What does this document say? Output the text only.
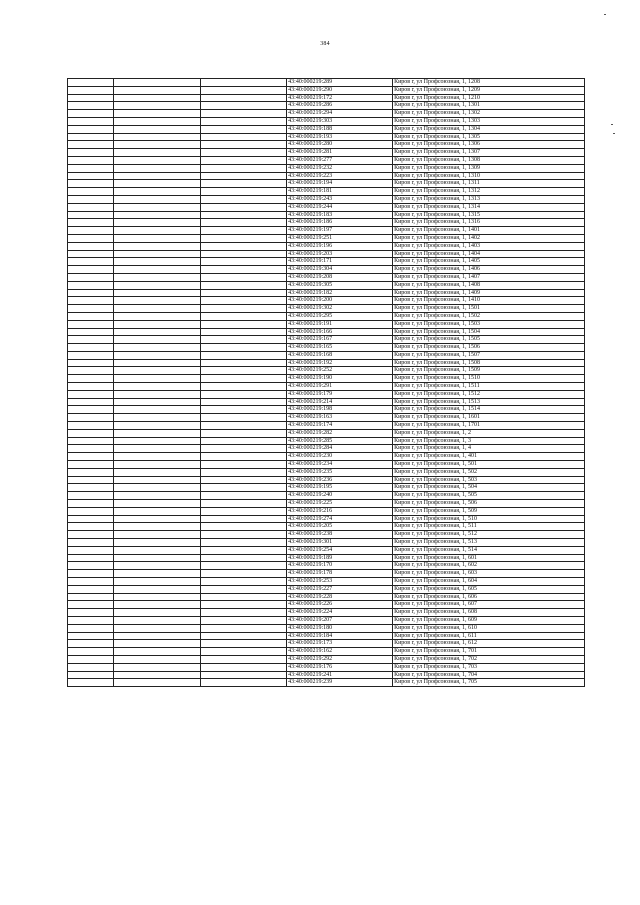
384
			43:40:000219:289	Киров г, ул Профсоюзная, 1, 1208
			43:40:000219:290	Киров г, ул Профсоюзная, 1, 1209
			43:40:000219:172	Киров г, ул Профсоюзная, 1, 1210
			43:40:000219:286	Киров г, ул Профсоюзная, 1, 1301
			43:40:000219:294	Киров г, ул Профсоюзная, 1, 1302
			43:40:000219:303	Киров г, ул Профсоюзная, 1, 1303
			43:40:000219:188	Киров г, ул Профсоюзная, 1, 1304
			43:40:000219:193	Киров г, ул Профсоюзная, 1, 1305
			43:40:000219:280	Киров г, ул Профсоюзная, 1, 1306
			43:40:000219:281	Киров г, ул Профсоюзная, 1, 1307
			43:40:000219:277	Киров г, ул Профсоюзная, 1, 1308
			43:40:000219:232	Киров г, ул Профсоюзная, 1, 1309
			43:40:000219:223	Киров г, ул Профсоюзная, 1, 1310
			43:40:000219:194	Киров г, ул Профсоюзная, 1, 1311
			43:40:000219:181	Киров г, ул Профсоюзная, 1, 1312
			43:40:000219:243	Киров г, ул Профсоюзная, 1, 1313
			43:40:000219:244	Киров г, ул Профсоюзная, 1, 1314
			43:40:000219:183	Киров г, ул Профсоюзная, 1, 1315
			43:40:000219:186	Киров г, ул Профсоюзная, 1, 1316
			43:40:000219:197	Киров г, ул Профсоюзная, 1, 1401
			43:40:000219:251	Киров г, ул Профсоюзная, 1, 1402
			43:40:000219:196	Киров г, ул Профсоюзная, 1, 1403
			43:40:000219:203	Киров г, ул Профсоюзная, 1, 1404
			43:40:000219:171	Киров г, ул Профсоюзная, 1, 1405
			43:40:000219:304	Киров г, ул Профсоюзная, 1, 1406
			43:40:000219:208	Киров г, ул Профсоюзная, 1, 1407
			43:40:000219:305	Киров г, ул Профсоюзная, 1, 1408
			43:40:000219:182	Киров г, ул Профсоюзная, 1, 1409
			43:40:000219:200	Киров г, ул Профсоюзная, 1, 1410
			43:40:000219:302	Киров г, ул Профсоюзная, 1, 1501
			43:40:000219:295	Киров г, ул Профсоюзная, 1, 1502
			43:40:000219:191	Киров г, ул Профсоюзная, 1, 1503
			43:40:000219:166	Киров г, ул Профсоюзная, 1, 1504
			43:40:000219:167	Киров г, ул Профсоюзная, 1, 1505
			43:40:000219:165	Киров г, ул Профсоюзная, 1, 1506
			43:40:000219:168	Киров г, ул Профсоюзная, 1, 1507
			43:40:000219:192	Киров г, ул Профсоюзная, 1, 1508
			43:40:000219:252	Киров г, ул Профсоюзная, 1, 1509
			43:40:000219:190	Киров г, ул Профсоюзная, 1, 1510
			43:40:000219:291	Киров г, ул Профсоюзная, 1, 1511
			43:40:000219:179	Киров г, ул Профсоюзная, 1, 1512
			43:40:000219:214	Киров г, ул Профсоюзная, 1, 1513
			43:40:000219:198	Киров г, ул Профсоюзная, 1, 1514
			43:40:000219:163	Киров г, ул Профсоюзная, 1, 1601
			43:40:000219:174	Киров г, ул Профсоюзная, 1, 1701
			43:40:000219:282	Киров г, ул Профсоюзная, 1, 2
			43:40:000219:285	Киров г, ул Профсоюзная, 1, 3
			43:40:000219:284	Киров г, ул Профсоюзная, 1, 4
			43:40:000219:230	Киров г, ул Профсоюзная, 1, 401
			43:40:000219:234	Киров г, ул Профсоюзная, 1, 501
			43:40:000219:235	Киров г, ул Профсоюзная, 1, 502
			43:40:000219:236	Киров г, ул Профсоюзная, 1, 503
			43:40:000219:195	Киров г, ул Профсоюзная, 1, 504
			43:40:000219:240	Киров г, ул Профсоюзная, 1, 505
			43:40:000219:225	Киров г, ул Профсоюзная, 1, 506
			43:40:000219:216	Киров г, ул Профсоюзная, 1, 509
			43:40:000219:274	Киров г, ул Профсоюзная, 1, 510
			43:40:000219:205	Киров г, ул Профсоюзная, 1, 511
			43:40:000219:238	Киров г, ул Профсоюзная, 1, 512
			43:40:000219:301	Киров г, ул Профсоюзная, 1, 513
			43:40:000219:254	Киров г, ул Профсоюзная, 1, 514
			43:40:000219:189	Киров г, ул Профсоюзная, 1, 601
			43:40:000219:170	Киров г, ул Профсоюзная, 1, 602
			43:40:000219:178	Киров г, ул Профсоюзная, 1, 603
			43:40:000219:253	Киров г, ул Профсоюзная, 1, 604
			43:40:000219:227	Киров г, ул Профсоюзная, 1, 605
			43:40:000219:228	Киров г, ул Профсоюзная, 1, 606
			43:40:000219:226	Киров г, ул Профсоюзная, 1, 607
			43:40:000219:224	Киров г, ул Профсоюзная, 1, 608
			43:40:000219:207	Киров г, ул Профсоюзная, 1, 609
			43:40:000219:180	Киров г, ул Профсоюзная, 1, 610
			43:40:000219:184	Киров г, ул Профсоюзная, 1, 611
			43:40:000219:173	Киров г, ул Профсоюзная, 1, 612
			43:40:000219:162	Киров г, ул Профсоюзная, 1, 701
			43:40:000219:292	Киров г, ул Профсоюзная, 1, 702
			43:40:000219:176	Киров г, ул Профсоюзная, 1, 703
			43:40:000219:241	Киров г, ул Профсоюзная, 1, 704
			43:40:000219:239	Киров г, ул Профсоюзная, 1, 705
